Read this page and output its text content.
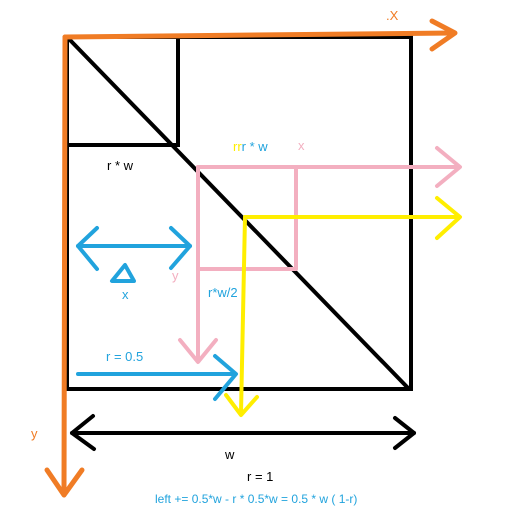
.X
y
r * w
rrr * w x
y
r*w/2
x
r = 0.5
w
r = 1
left += 0.5*w - r * 0.5*w = 0.5 * w ( 1-r)
